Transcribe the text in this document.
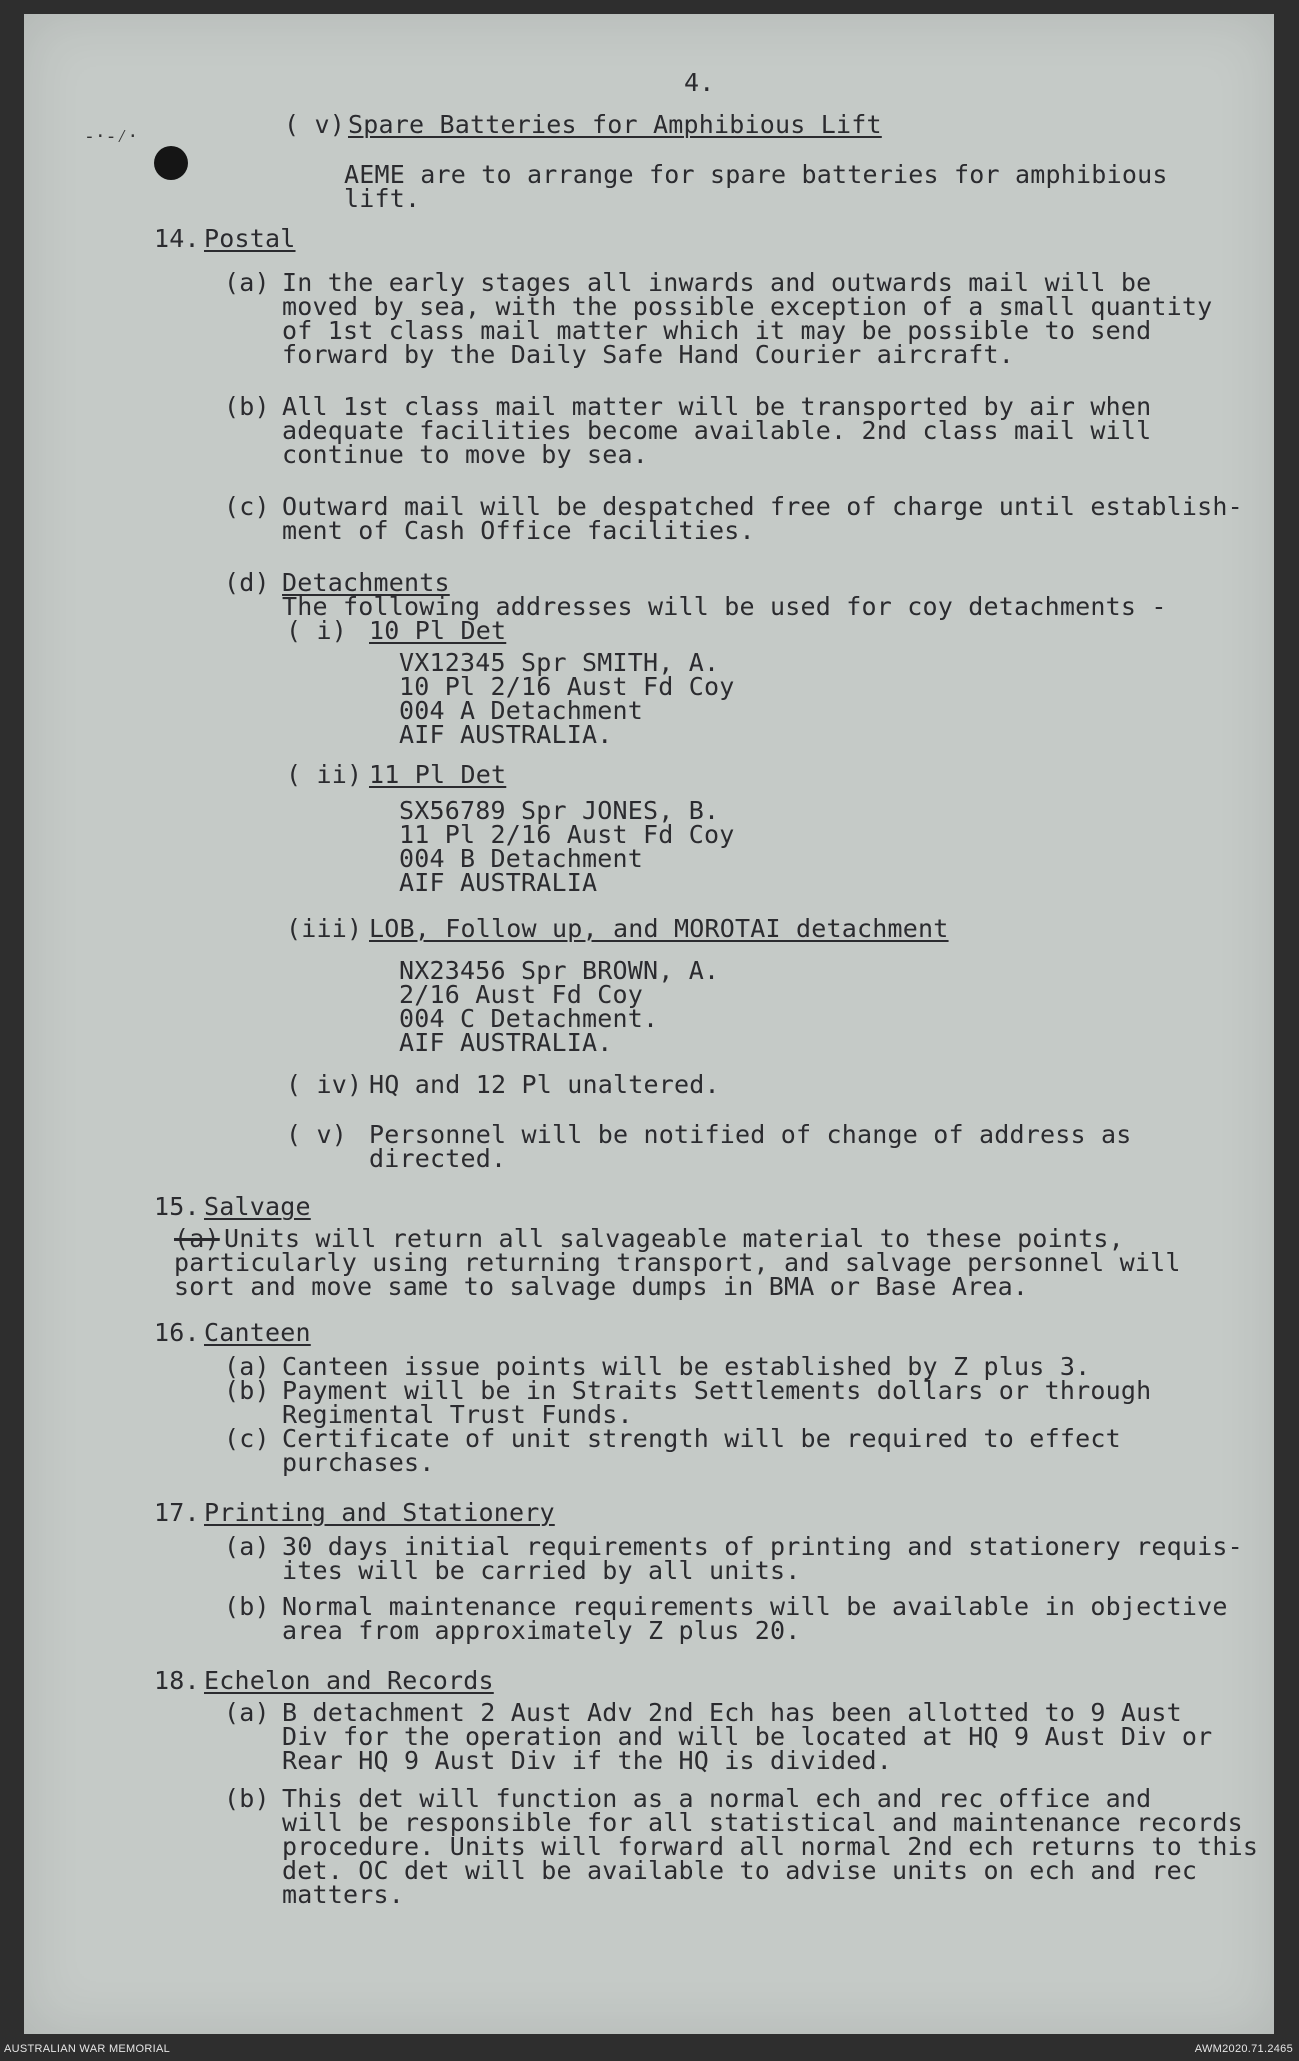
-·-⁄·
4.
( v) Spare Batteries for Amphibious Lift
AEME are to arrange for spare batteries for amphibious
lift.
14. Postal
(a) In the early stages all inwards and outwards mail will be
moved by sea, with the possible exception of a small quantity
of 1st class mail matter which it may be possible to send
forward by the Daily Safe Hand Courier aircraft.
(b) All 1st class mail matter will be transported by air when
adequate facilities become available. 2nd class mail will
continue to move by sea.
(c) Outward mail will be despatched free of charge until establish-
ment of Cash Office facilities.
(d) Detachments
The following addresses will be used for coy detachments -
( i) 10 Pl Det
VX12345 Spr SMITH, A.
10 Pl 2/16 Aust Fd Coy
004 A Detachment
AIF AUSTRALIA.
( ii) 11 Pl Det
SX56789 Spr JONES, B.
11 Pl 2/16 Aust Fd Coy
004 B Detachment
AIF AUSTRALIA
(iii) LOB, Follow up, and MOROTAI detachment
NX23456 Spr BROWN, A.
2/16 Aust Fd Coy
004 C Detachment.
AIF AUSTRALIA.
( iv) HQ and 12 Pl unaltered.
( v) Personnel will be notified of change of address as
directed.
15. Salvage
(a) Units will return all salvageable material to these points,
particularly using returning transport, and salvage personnel will
sort and move same to salvage dumps in BMA or Base Area.
16. Canteen
(a) Canteen issue points will be established by Z plus 3.
(b) Payment will be in Straits Settlements dollars or through
Regimental Trust Funds.
(c) Certificate of unit strength will be required to effect
purchases.
17. Printing and Stationery
(a) 30 days initial requirements of printing and stationery requis-
ites will be carried by all units.
(b) Normal maintenance requirements will be available in objective
area from approximately Z plus 20.
18. Echelon and Records
(a) B detachment 2 Aust Adv 2nd Ech has been allotted to 9 Aust
Div for the operation and will be located at HQ 9 Aust Div or
Rear HQ 9 Aust Div if the HQ is divided.
(b) This det will function as a normal ech and rec office and
will be responsible for all statistical and maintenance records
procedure. Units will forward all normal 2nd ech returns to this
det. OC det will be available to advise units on ech and rec
matters.
AUSTRALIAN WAR MEMORIAL	AWM2020.71.2465
